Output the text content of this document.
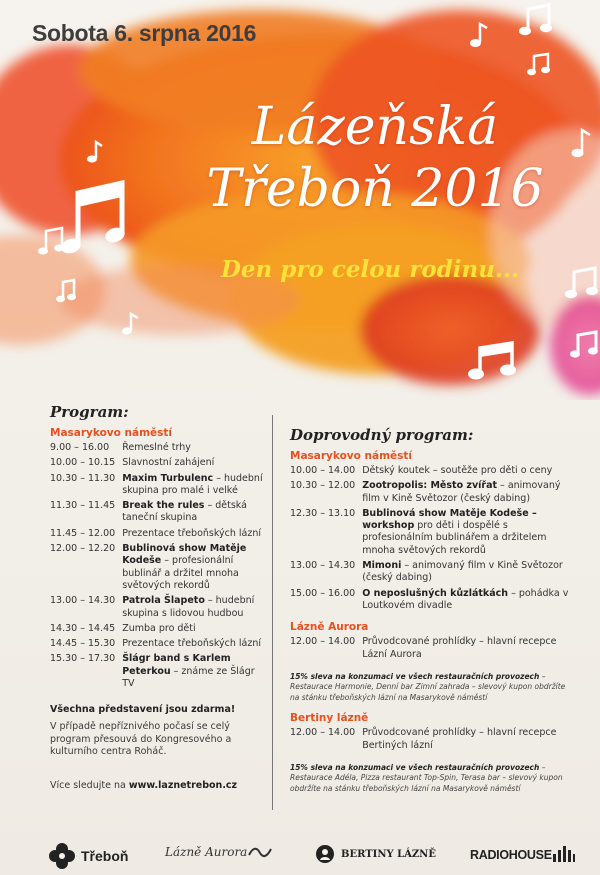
Sobota 6. srpna 2016
Lázeňská
Třeboň 2016
Den pro celou rodinu...
Program:
Masarykovo náměstí
9.00 – 16.00	Řemeslné trhy
10.00 – 10.15	Slavnostní zahájení
10.30 – 11.30	Maxim Turbulenc – hudební skupina pro malé i velké
11.30 – 11.45	Break the rules – dětská taneční skupina
11.45 – 12.00	Prezentace třeboňských lázní
12.00 – 12.20	Bublinová show Matěje Kodeše – profesionální bublinář a držitel mnoha světových rekordů
13.00 – 14.30	Patrola Šlapeto – hudební skupina s lidovou hudbou
14.30 – 14.45	Zumba pro děti
14.45 – 15.30	Prezentace třeboňských lázní
15.30 – 17.30	Šlágr band s Karlem Peterkou – známe ze Šlágr TV
Všechna představení jsou zdarma!
V případě nepříznivého počasí se celý program přesouvá do Kongresového a kulturního centra Roháč.
Více sledujte na www.laznetrebon.cz
Doprovodný program:
Masarykovo náměstí
10.00 – 14.00	Dětský koutek – soutěže pro děti o ceny
10.30 – 12.00	Zootropolis: Město zvířat – animovaný film v Kině Světozor (český dabing)
12.30 – 13.10	Bublinová show Matěje Kodeše – workshop pro děti i dospělé s profesionálním bublinářem a držitelem mnoha světových rekordů
13.00 – 14.30	Mimoni – animovaný film v Kině Světozor (český dabing)
15.00 – 16.00	O neposlušných kůzlátkách – pohádka v Loutkovém divadle
Lázně Aurora
12.00 – 14.00	Průvodcované prohlídky – hlavní recepce Lázní Aurora
15% sleva na konzumaci ve všech restauračních provozech – Restaurace Harmonie, Denní bar Zimní zahrada – slevový kupon obdržíte na stánku třeboňských lázní na Masarykově náměstí
Bertiny lázně
12.00 – 14.00	Průvodcované prohlídky – hlavní recepce Bertiných lázní
15% sleva na konzumaci ve všech restauračních provozech – Restaurace Adéla, Pizza restaurant Top-Spin, Terasa bar – slevový kupon obdržíte na stánku třeboňských lázní na Masarykově náměstí
Třeboň	Lázně Aurora	BERTINY LÁZNĚ	RADIOHOUSE
